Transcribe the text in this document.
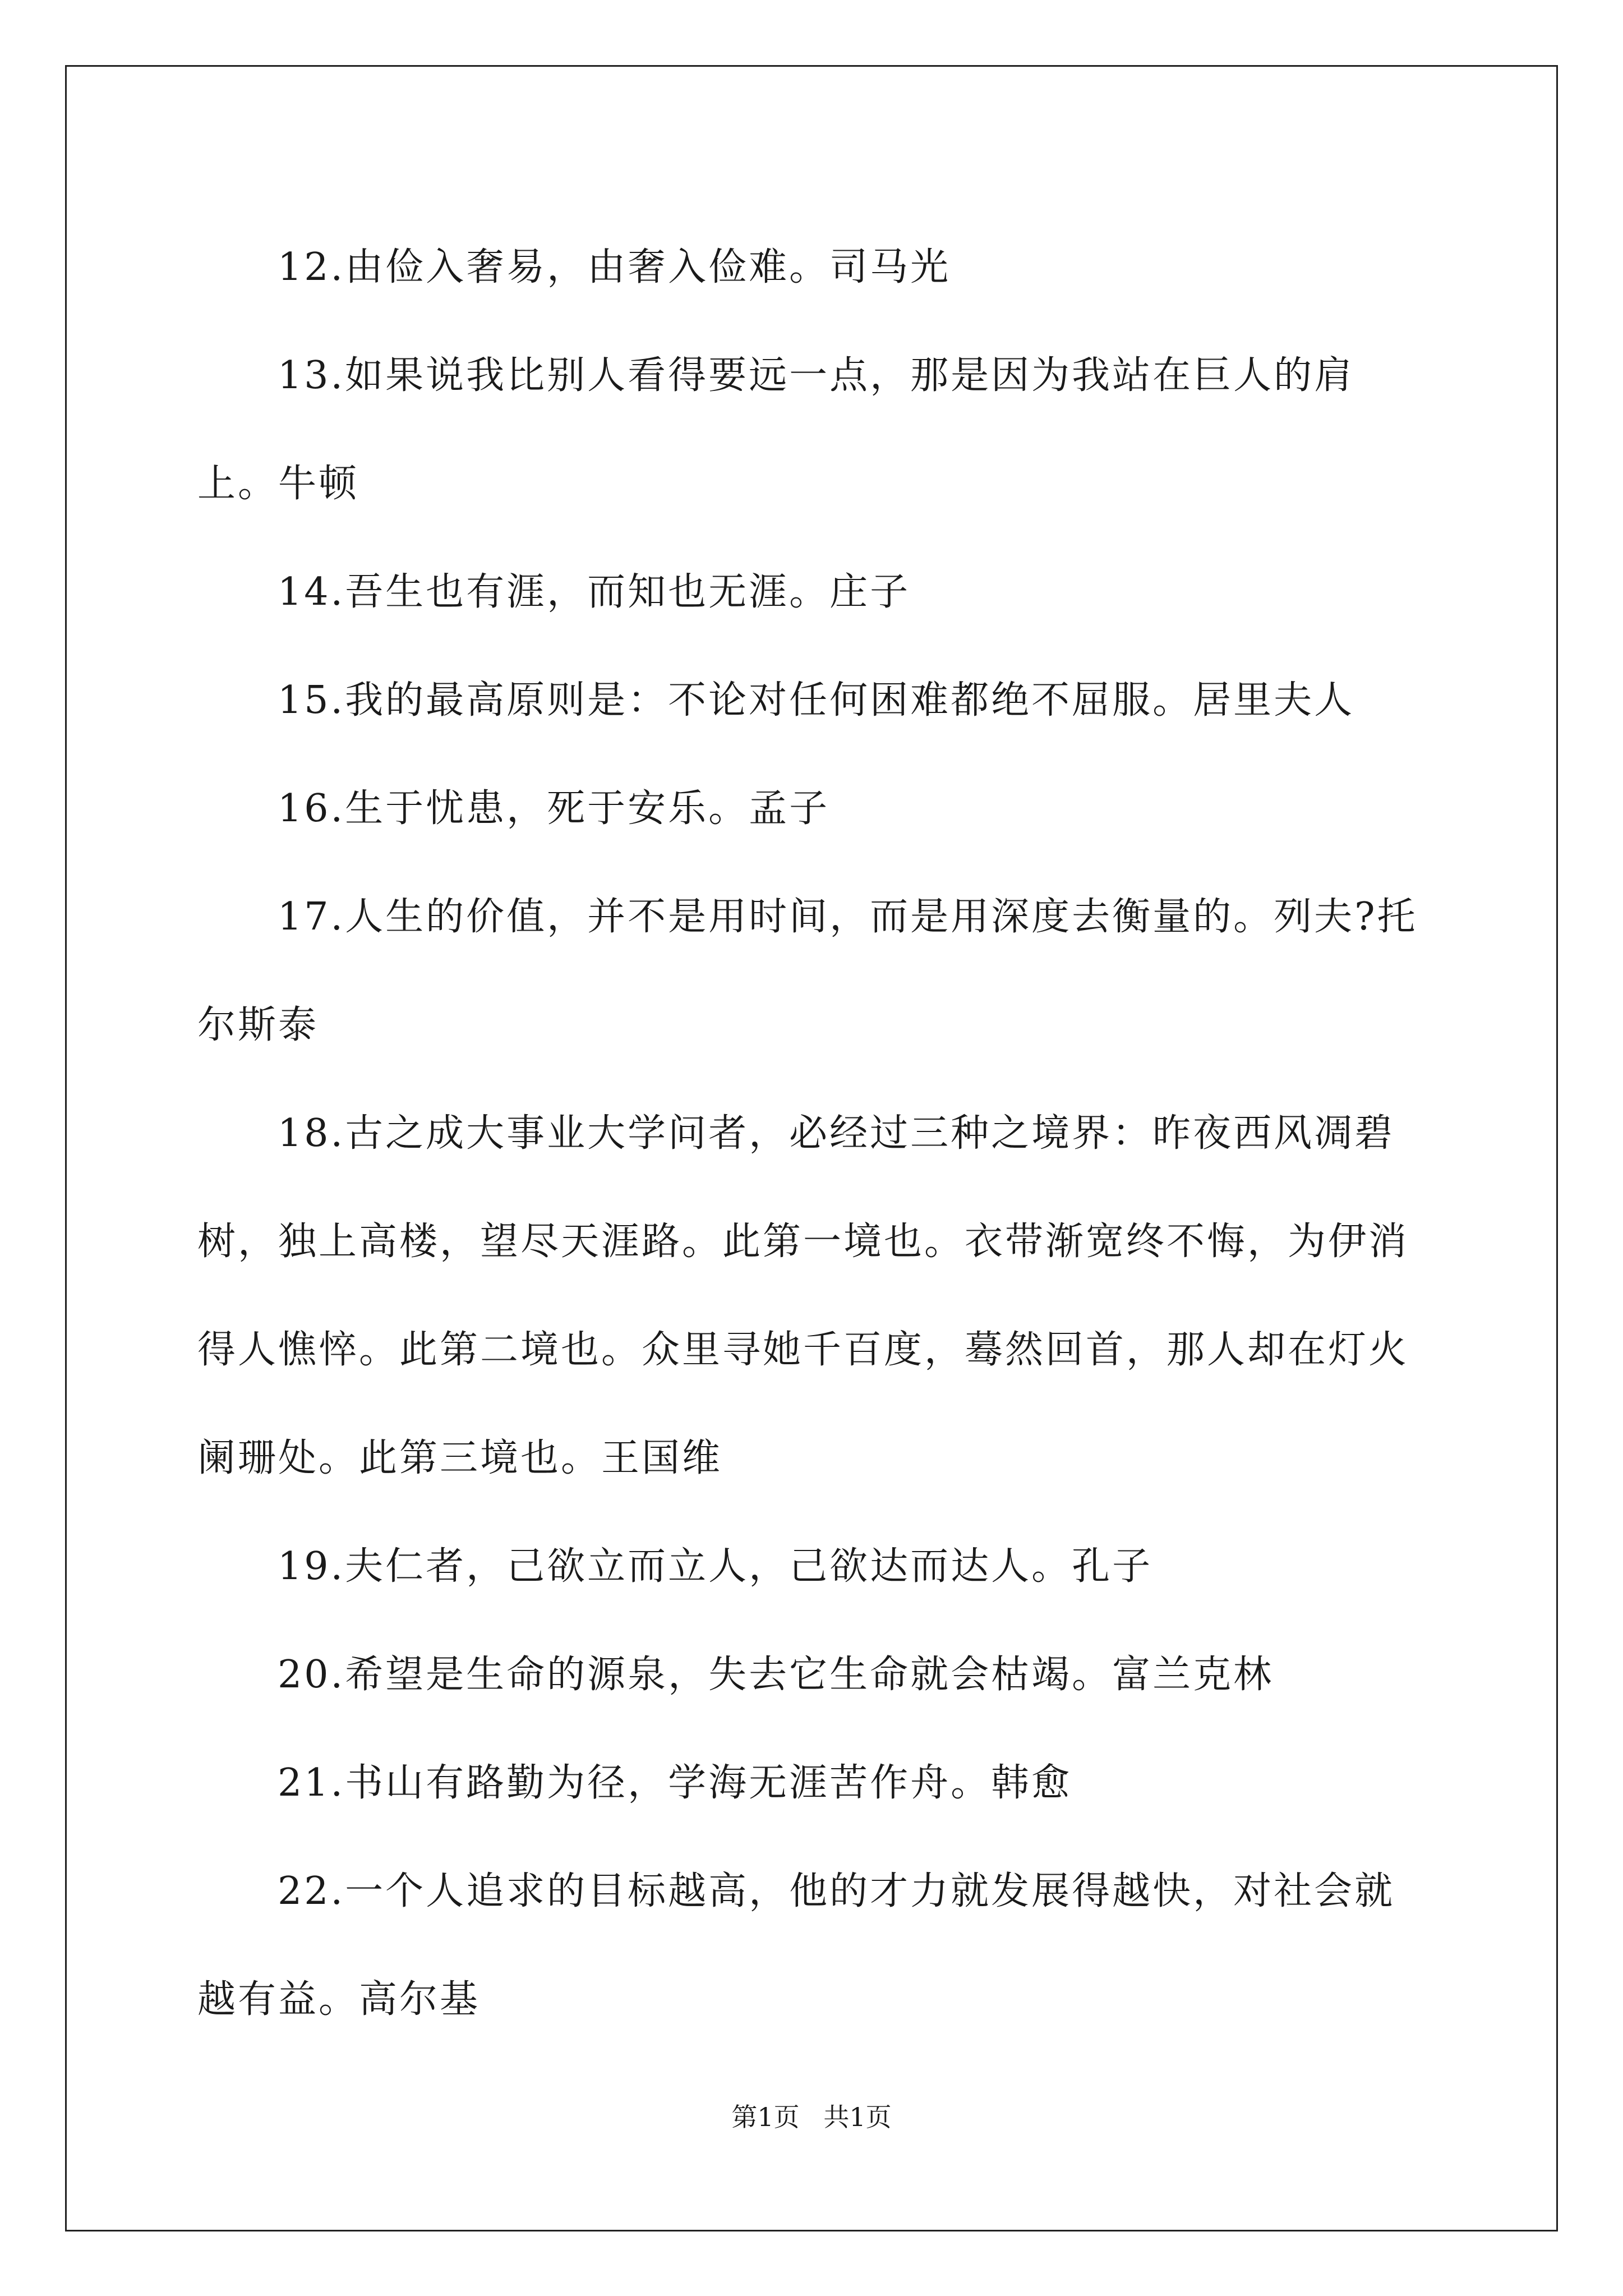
12.由俭入奢易，由奢入俭难。司马光

13.如果说我比别人看得要远一点，那是因为我站在巨人的肩上。牛顿

14.吾生也有涯，而知也无涯。庄子

15.我的最高原则是：不论对任何困难都绝不屈服。居里夫人

16.生于忧患，死于安乐。孟子

17.人生的价值，并不是用时间，而是用深度去衡量的。列夫?托尔斯泰

18.古之成大事业大学问者，必经过三种之境界：昨夜西风凋碧树，独上高楼，望尽天涯路。此第一境也。衣带渐宽终不悔，为伊消得人憔悴。此第二境也。众里寻她千百度，蓦然回首，那人却在灯火阑珊处。此第三境也。王国维

19.夫仁者，己欲立而立人，己欲达而达人。孔子

20.希望是生命的源泉，失去它生命就会枯竭。富兰克林

21.书山有路勤为径，学海无涯苦作舟。韩愈

22.一个人追求的目标越高，他的才力就发展得越快，对社会就越有益。高尔基

第1页 共1页
